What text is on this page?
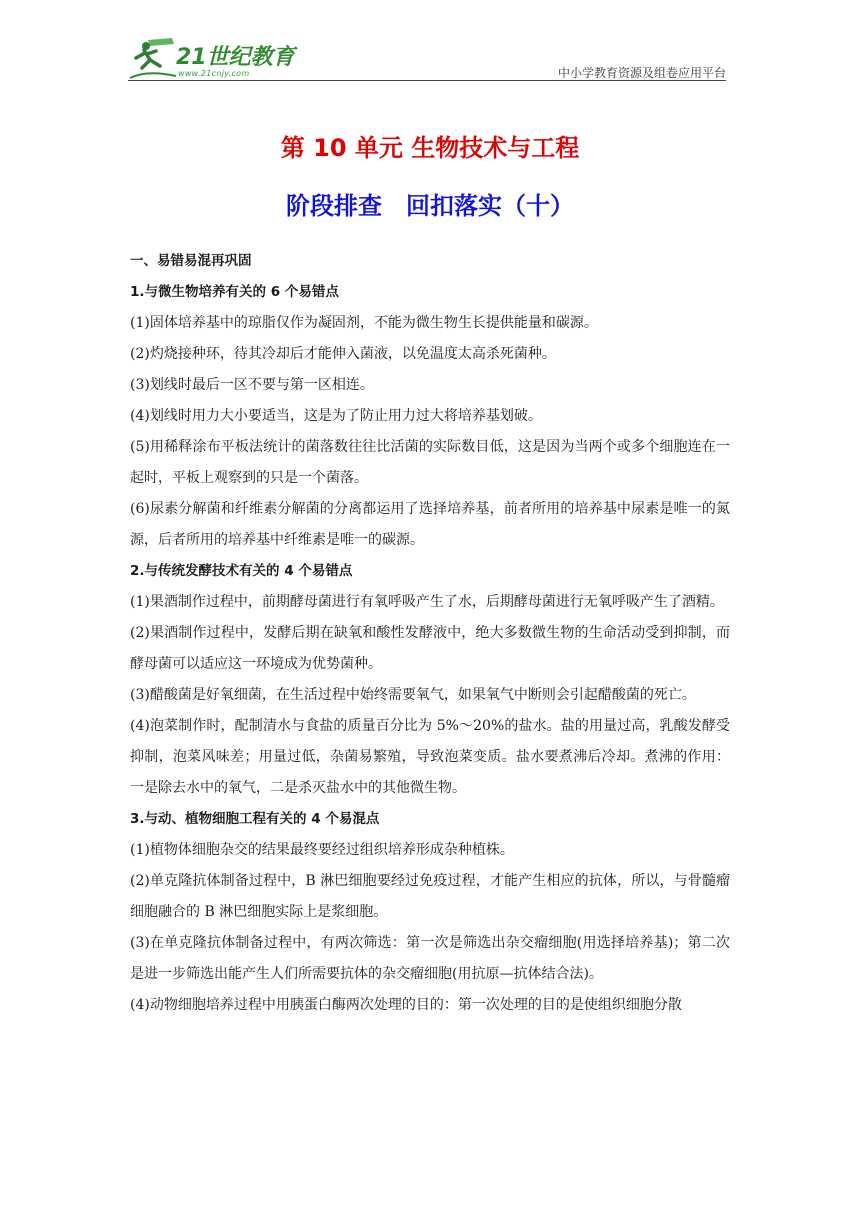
21世纪教育
www.21cnjy.com	中小学教育资源及组卷应用平台
第 10 单元 生物技术与工程
阶段排查　回扣落实（十）

一、易错易混再巩固

1.与微生物培养有关的 6 个易错点

(1)固体培养基中的琼脂仅作为凝固剂，不能为微生物生长提供能量和碳源。

(2)灼烧接种环，待其冷却后才能伸入菌液，以免温度太高杀死菌种。

(3)划线时最后一区不要与第一区相连。

(4)划线时用力大小要适当，这是为了防止用力过大将培养基划破。

(5)用稀释涂布平板法统计的菌落数往往比活菌的实际数目低，这是因为当两个或多个细胞连在一起时，平板上观察到的只是一个菌落。

(6)尿素分解菌和纤维素分解菌的分离都运用了选择培养基，前者所用的培养基中尿素是唯一的氮源，后者所用的培养基中纤维素是唯一的碳源。

2.与传统发酵技术有关的 4 个易错点

(1)果酒制作过程中，前期酵母菌进行有氧呼吸产生了水，后期酵母菌进行无氧呼吸产生了酒精。

(2)果酒制作过程中，发酵后期在缺氧和酸性发酵液中，绝大多数微生物的生命活动受到抑制，而酵母菌可以适应这一环境成为优势菌种。

(3)醋酸菌是好氧细菌，在生活过程中始终需要氧气，如果氧气中断则会引起醋酸菌的死亡。

(4)泡菜制作时，配制清水与食盐的质量百分比为 5%～20%的盐水。盐的用量过高，乳酸发酵受抑制，泡菜风味差；用量过低，杂菌易繁殖，导致泡菜变质。盐水要煮沸后冷却。煮沸的作用：一是除去水中的氧气，二是杀灭盐水中的其他微生物。

3.与动、植物细胞工程有关的 4 个易混点

(1)植物体细胞杂交的结果最终要经过组织培养形成杂种植株。

(2)单克隆抗体制备过程中，B 淋巴细胞要经过免疫过程，才能产生相应的抗体，所以，与骨髓瘤细胞融合的 B 淋巴细胞实际上是浆细胞。

(3)在单克隆抗体制备过程中，有两次筛选：第一次是筛选出杂交瘤细胞(用选择培养基)；第二次是进一步筛选出能产生人们所需要抗体的杂交瘤细胞(用抗原—抗体结合法)。

(4)动物细胞培养过程中用胰蛋白酶两次处理的目的：第一次处理的目的是使组织细胞分散
